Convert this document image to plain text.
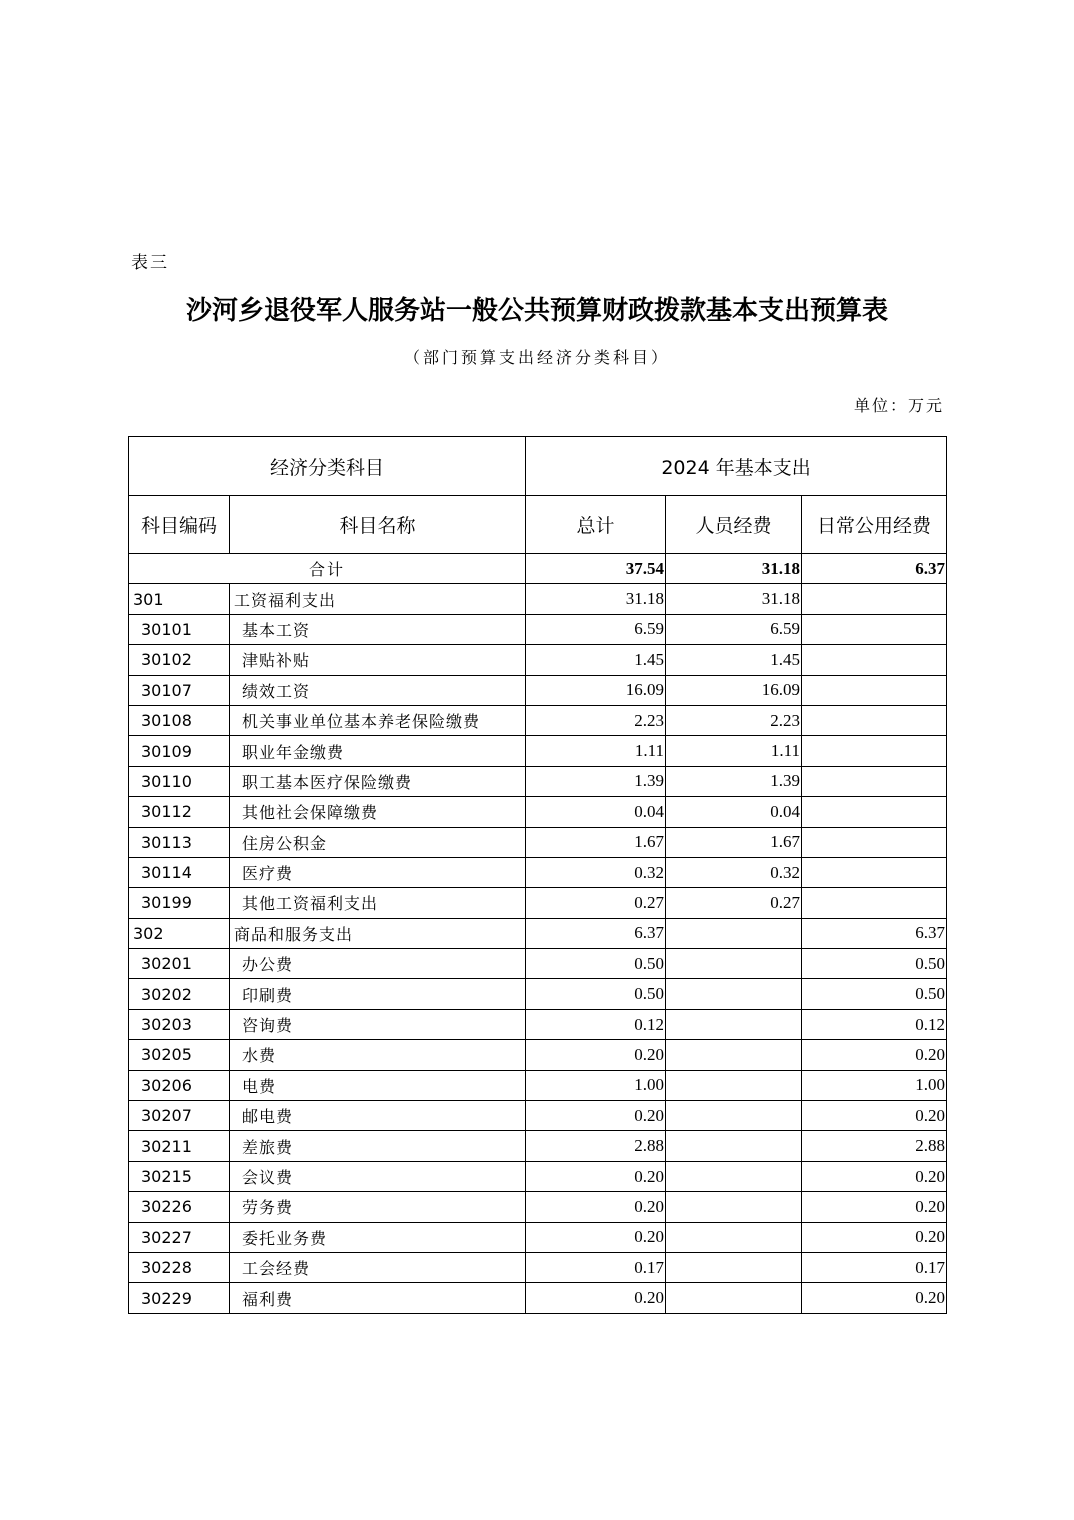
表三
沙河乡退役军人服务站一般公共预算财政拨款基本支出预算表
（部门预算支出经济分类科目）
单位：万元
经济分类科目		2024 年基本支出		
科目编码	科目名称	总计	人员经费	日常公用经费
合计		37.54	31.18	6.37
301	工资福利支出	31.18	31.18	
30101	基本工资	6.59	6.59	
30102	津贴补贴	1.45	1.45	
30107	绩效工资	16.09	16.09	
30108	机关事业单位基本养老保险缴费	2.23	2.23	
30109	职业年金缴费	1.11	1.11	
30110	职工基本医疗保险缴费	1.39	1.39	
30112	其他社会保障缴费	0.04	0.04	
30113	住房公积金	1.67	1.67	
30114	医疗费	0.32	0.32	
30199	其他工资福利支出	0.27	0.27	
302	商品和服务支出	6.37		6.37
30201	办公费	0.50		0.50
30202	印刷费	0.50		0.50
30203	咨询费	0.12		0.12
30205	水费	0.20		0.20
30206	电费	1.00		1.00
30207	邮电费	0.20		0.20
30211	差旅费	2.88		2.88
30215	会议费	0.20		0.20
30226	劳务费	0.20		0.20
30227	委托业务费	0.20		0.20
30228	工会经费	0.17		0.17
30229	福利费	0.20		0.20
